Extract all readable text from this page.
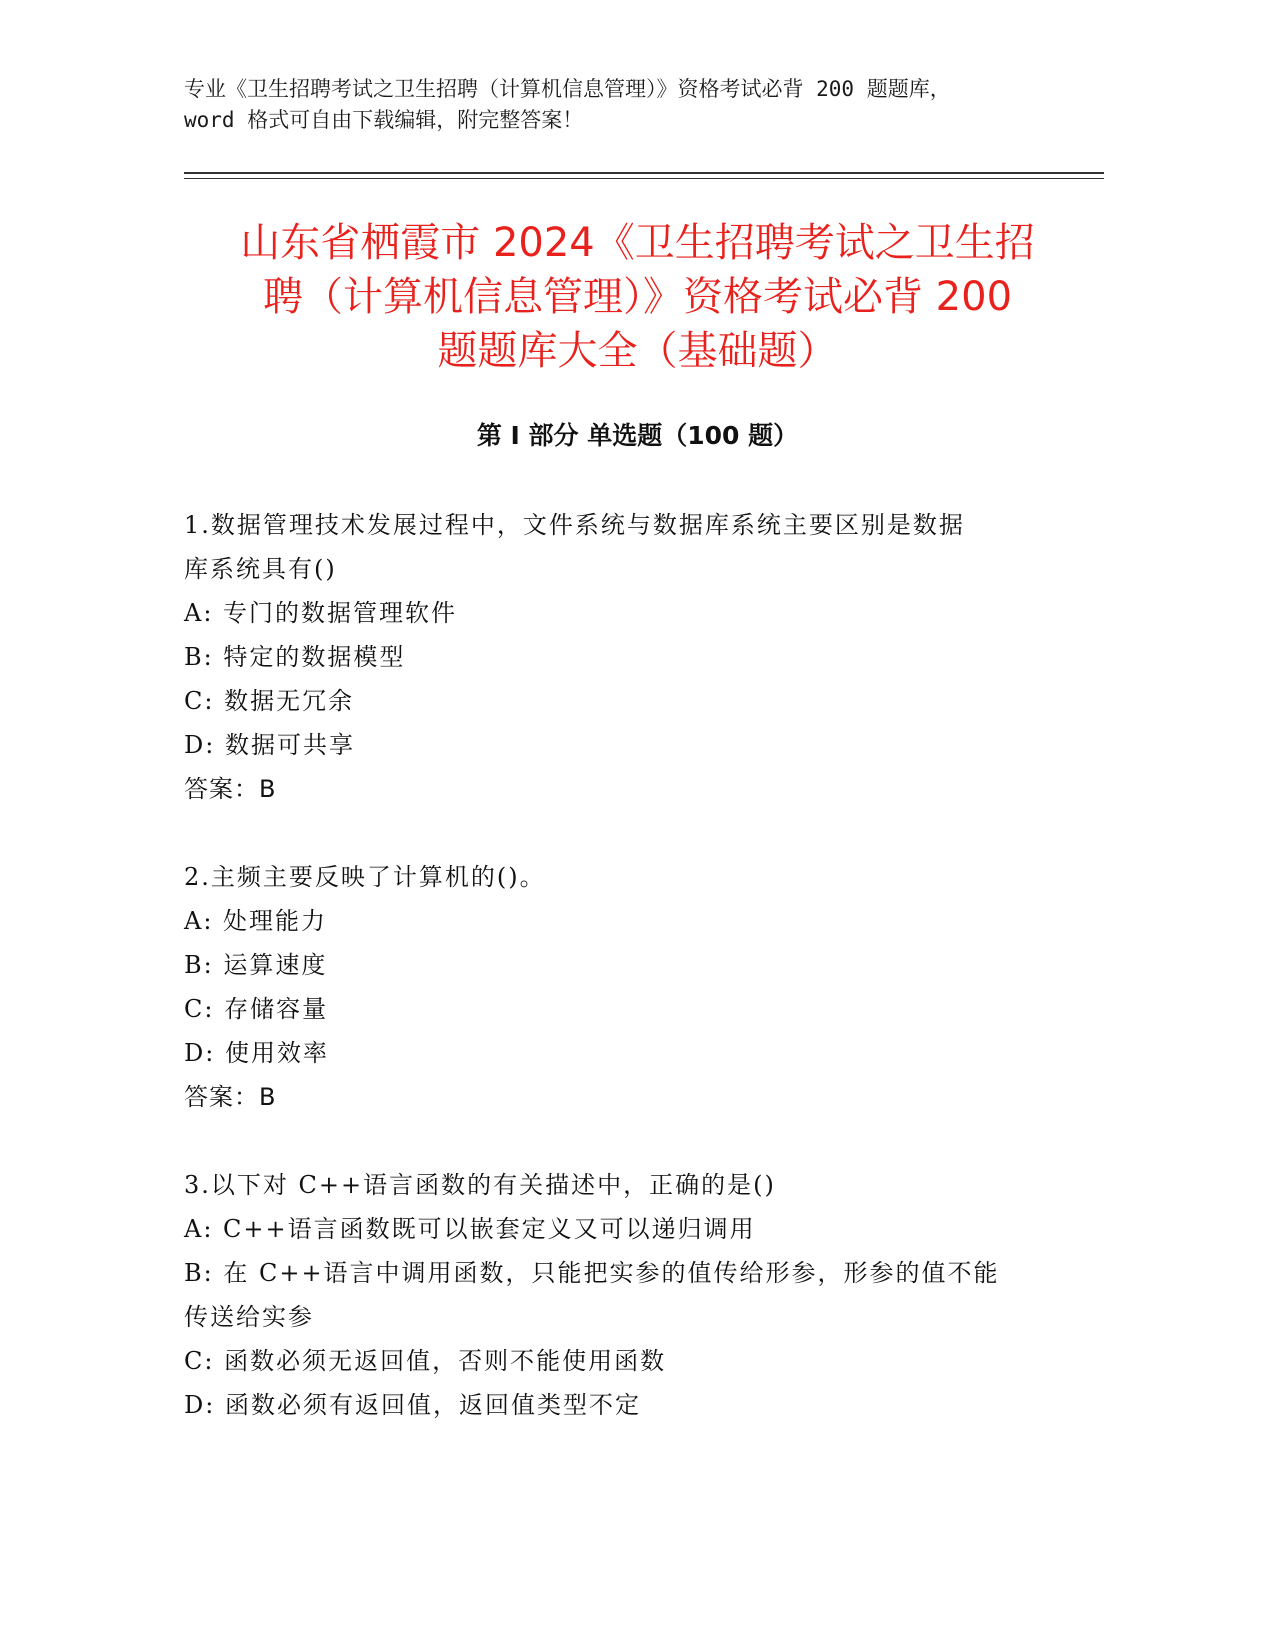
专业《卫生招聘考试之卫生招聘（计算机信息管理）》资格考试必背 200 题题库，
word 格式可自由下载编辑，附完整答案！
山东省栖霞市 2024《卫生招聘考试之卫生招
聘（计算机信息管理）》资格考试必背 200
题题库大全（基础题）
第 I 部分 单选题（100 题）
1.数据管理技术发展过程中，文件系统与数据库系统主要区别是数据
库系统具有()
A: 专门的数据管理软件
B: 特定的数据模型
C: 数据无冗余
D: 数据可共享
答案：B
2.主频主要反映了计算机的()。
A: 处理能力
B: 运算速度
C: 存储容量
D: 使用效率
答案：B
3.以下对 C++语言函数的有关描述中，正确的是()
A: C++语言函数既可以嵌套定义又可以递归调用
B: 在 C++语言中调用函数，只能把实参的值传给形参，形参的值不能
传送给实参
C: 函数必须无返回值，否则不能使用函数
D: 函数必须有返回值，返回值类型不定
